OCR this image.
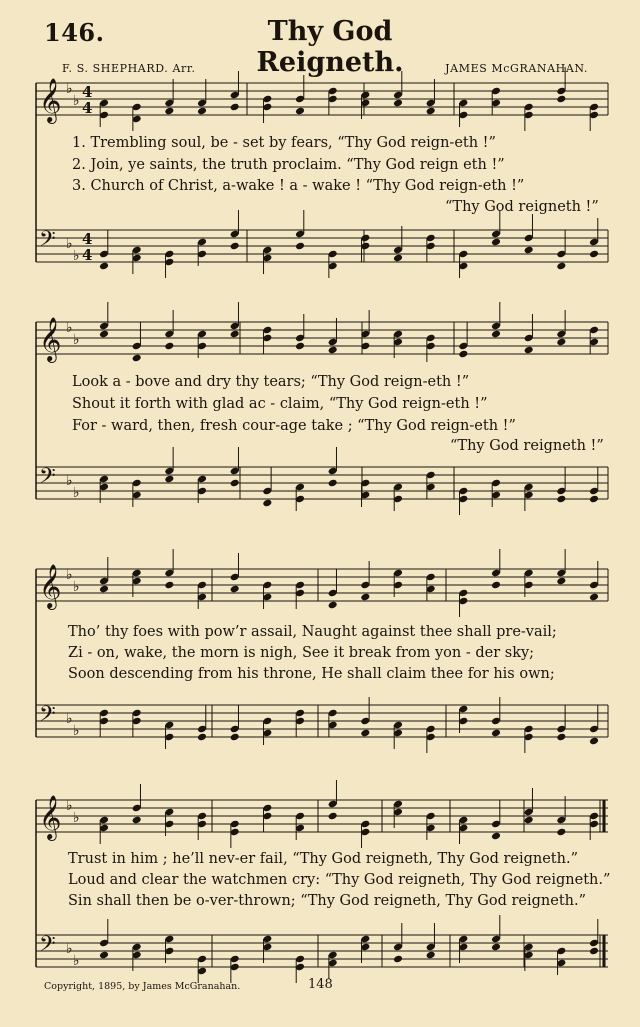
146.	Thy God Reigneth.
F. S. SHEPHARD. Arr.	JAMES McGRANAHAN.
𝄞 ♭
♭ 4
4
𝄢 ♭
♭
4
4
𝄞 ♭
♭
𝄢 ♭
♭
𝄞 ♭
♭
𝄢 ♭
♭
𝄞 ♭
♭
𝄢 ♭
♭
1. Trembling soul, be - set by fears, “Thy God reign-eth !”
2. Join, ye saints, the truth proclaim. “Thy God reign eth !”
3. Church of Christ, a-wake ! a - wake ! “Thy God reign-eth !”
“Thy God reigneth !”
Look a - bove and dry thy tears; “Thy God reign-eth !”
Shout it forth with glad ac - claim, “Thy God reign-eth !”
For - ward, then, fresh cour-age take ; “Thy God reign-eth !”
“Thy God reigneth !”
Tho’ thy foes with pow’r assail, Naught against thee shall pre-vail;
Zi - on, wake, the morn is nigh, See it break from yon - der sky;
Soon descending from his throne, He shall claim thee for his own;
Trust in him ; he’ll nev-er fail, “Thy God reigneth, Thy God reigneth.”
Loud and clear the watchmen cry: “Thy God reigneth, Thy God reigneth.”
Sin shall then be o-ver-thrown; “Thy God reigneth, Thy God reigneth.”
Copyright, 1895, by James McGranahan.	148
